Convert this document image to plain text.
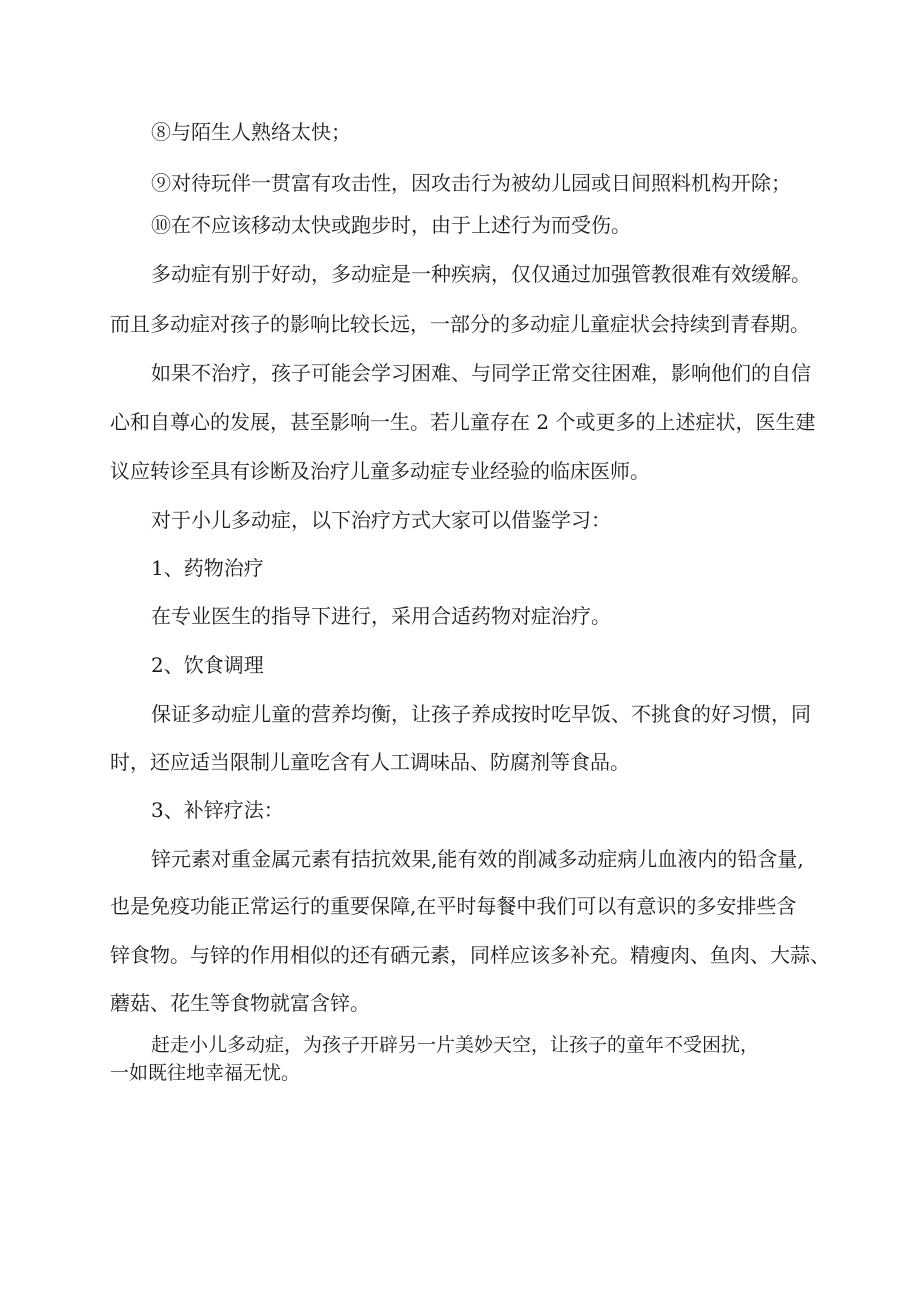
⑧与陌生人熟络太快；
⑨对待玩伴一贯富有攻击性，因攻击行为被幼儿园或日间照料机构开除；
⑩在不应该移动太快或跑步时，由于上述行为而受伤。
多动症有别于好动，多动症是一种疾病，仅仅通过加强管教很难有效缓解。
而且多动症对孩子的影响比较长远，一部分的多动症儿童症状会持续到青春期。
如果不治疗，孩子可能会学习困难、与同学正常交往困难，影响他们的自信
心和自尊心的发展，甚至影响一生。若儿童存在 2 个或更多的上述症状，医生建
议应转诊至具有诊断及治疗儿童多动症专业经验的临床医师。
对于小儿多动症，以下治疗方式大家可以借鉴学习：
1、药物治疗
在专业医生的指导下进行，采用合适药物对症治疗。
2、饮食调理
保证多动症儿童的营养均衡，让孩子养成按时吃早饭、不挑食的好习惯，同
时，还应适当限制儿童吃含有人工调味品、防腐剂等食品。
3、补锌疗法：
锌元素对重金属元素有拮抗效果,能有效的削减多动症病儿血液内的铅含量,
也是免疫功能正常运行的重要保障,在平时每餐中我们可以有意识的多安排些含
锌食物。与锌的作用相似的还有硒元素，同样应该多补充。精瘦肉、鱼肉、大蒜、
蘑菇、花生等食物就富含锌。
赶走小儿多动症，为孩子开辟另一片美妙天空，让孩子的童年不受困扰，
一如既往地幸福无忧。
